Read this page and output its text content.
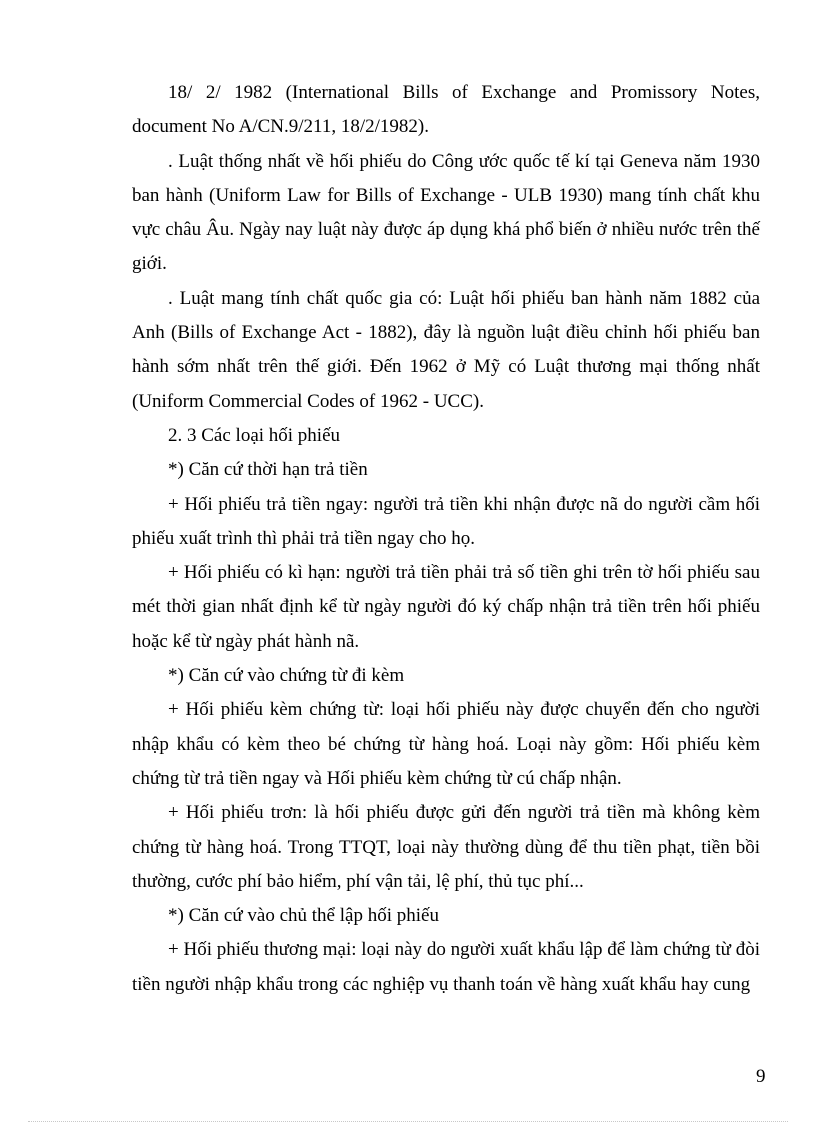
18/ 2/ 1982 (International Bills of Exchange and Promissory Notes, document No A/CN.9/211, 18/2/1982).

. Luật thống nhất về hối phiếu do Công ước quốc tế kí tại Geneva năm 1930 ban hành (Uniform Law for Bills of Exchange - ULB 1930) mang tính chất khu vực châu Âu. Ngày nay luật này được áp dụng khá phổ biến ở nhiều nước trên thế giới.

. Luật mang tính chất quốc gia có: Luật hối phiếu ban hành năm 1882 của Anh (Bills of Exchange Act - 1882), đây là nguồn luật điều chỉnh hối phiếu ban hành sớm nhất trên thế giới. Đến 1962 ở Mỹ có Luật thương mại thống nhất (Uniform Commercial Codes of 1962 - UCC).

2. 3 Các loại hối phiếu

*) Căn cứ thời hạn trả tiền

+ Hối phiếu trả tiền ngay: người trả tiền khi nhận được nã do người cầm hối phiếu xuất trình thì phải trả tiền ngay cho họ.

+ Hối phiếu có kì hạn: người trả tiền phải trả số tiền ghi trên tờ hối phiếu sau mét thời gian nhất định kể từ ngày người đó ký chấp nhận trả tiền trên hối phiếu hoặc kể từ ngày phát hành nã.

*) Căn cứ vào chứng từ đi kèm

+ Hối phiếu kèm chứng từ: loại hối phiếu này được chuyển đến cho người nhập khẩu có kèm theo bé chứng từ hàng hoá. Loại này gồm: Hối phiếu kèm chứng từ trả tiền ngay và Hối phiếu kèm chứng từ cú chấp nhận.

+ Hối phiếu trơn: là hối phiếu được gửi đến người trả tiền mà không kèm chứng từ hàng hoá. Trong TTQT, loại này thường dùng để thu tiền phạt, tiền bồi thường, cước phí bảo hiểm, phí vận tải, lệ phí, thủ tục phí...

*) Căn cứ vào chủ thể lập hối phiếu

+ Hối phiếu thương mại: loại này do người xuất khẩu lập để làm chứng từ đòi tiền người nhập khẩu trong các nghiệp vụ thanh toán về hàng xuất khẩu hay cung

9
